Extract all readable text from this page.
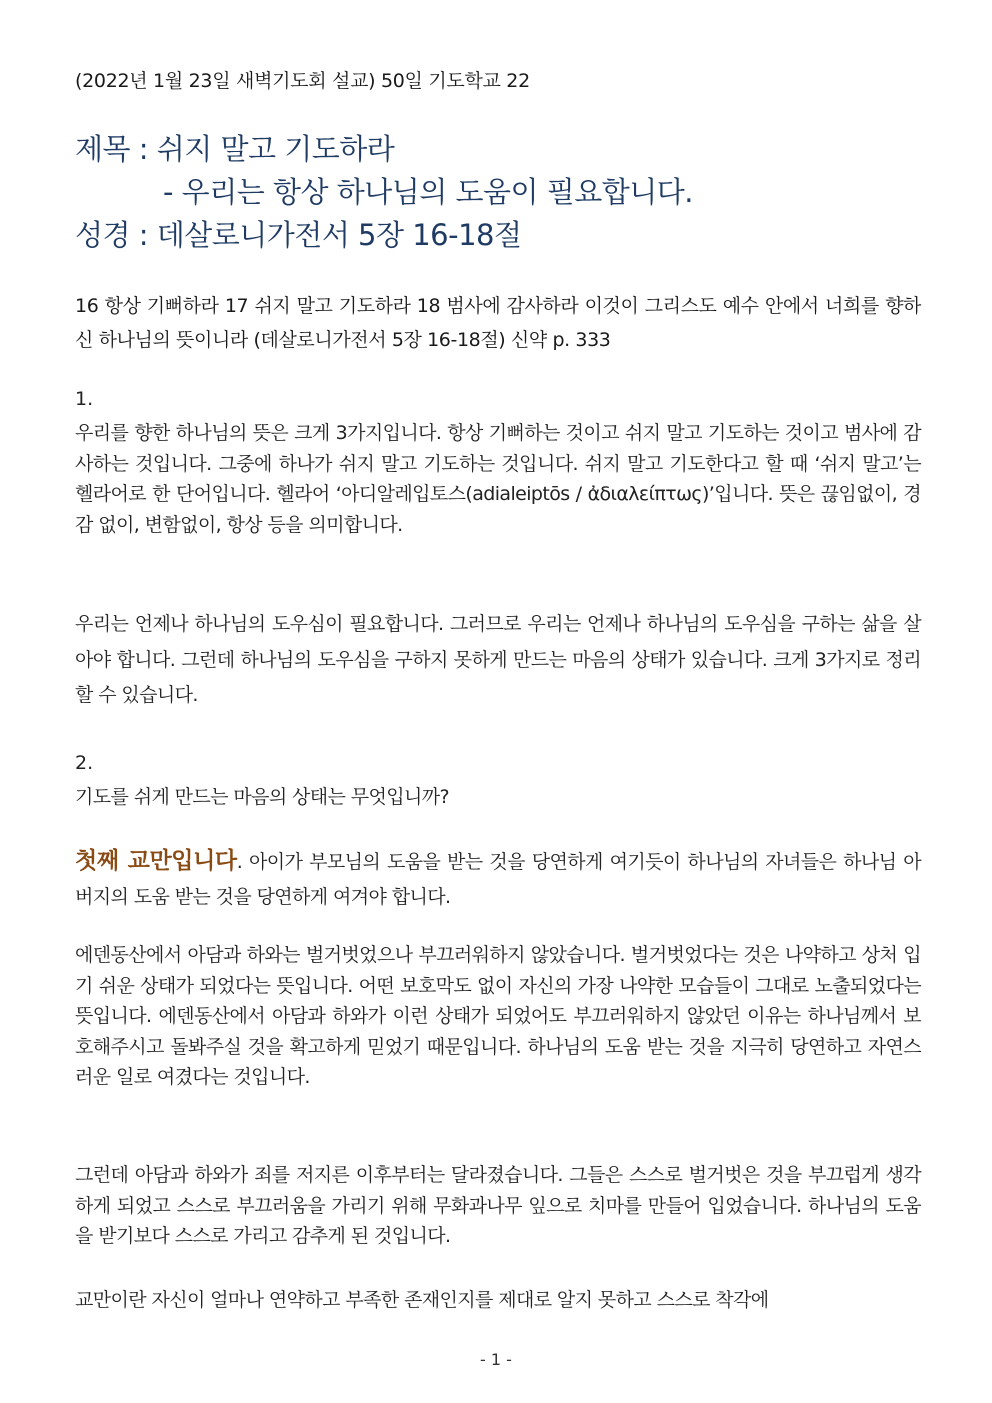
(2022년 1월 23일 새벽기도회 설교) 50일 기도학교 22
제목 : 쉬지 말고 기도하라
- 우리는 항상 하나님의 도움이 필요합니다.
성경 : 데살로니가전서 5장 16-18절
16 항상 기뻐하라 17 쉬지 말고 기도하라 18 범사에 감사하라 이것이 그리스도 예수 안에서 너희를 향하신 하나님의 뜻이니라 (데살로니가전서 5장 16-18절) 신약 p. 333
1.
우리를 향한 하나님의 뜻은 크게 3가지입니다. 항상 기뻐하는 것이고 쉬지 말고 기도하는 것이고 범사에 감사하는 것입니다. 그중에 하나가 쉬지 말고 기도하는 것입니다. 쉬지 말고 기도한다고 할 때 ‘쉬지 말고’는 헬라어로 한 단어입니다. 헬라어 ‘아디알레입토스(adialeiptōs / ἀδιαλείπτως)’입니다. 뜻은 끊임없이, 경감 없이, 변함없이, 항상 등을 의미합니다.
우리는 언제나 하나님의 도우심이 필요합니다. 그러므로 우리는 언제나 하나님의 도우심을 구하는 삶을 살아야 합니다. 그런데 하나님의 도우심을 구하지 못하게 만드는 마음의 상태가 있습니다. 크게 3가지로 정리할 수 있습니다.
2.
기도를 쉬게 만드는 마음의 상태는 무엇입니까?
첫째 교만입니다. 아이가 부모님의 도움을 받는 것을 당연하게 여기듯이 하나님의 자녀들은 하나님 아버지의 도움 받는 것을 당연하게 여겨야 합니다.
에덴동산에서 아담과 하와는 벌거벗었으나 부끄러워하지 않았습니다. 벌거벗었다는 것은 나약하고 상처 입기 쉬운 상태가 되었다는 뜻입니다. 어떤 보호막도 없이 자신의 가장 나약한 모습들이 그대로 노출되었다는 뜻입니다. 에덴동산에서 아담과 하와가 이런 상태가 되었어도 부끄러워하지 않았던 이유는 하나님께서 보호해주시고 돌봐주실 것을 확고하게 믿었기 때문입니다. 하나님의 도움 받는 것을 지극히 당연하고 자연스러운 일로 여겼다는 것입니다.
그런데 아담과 하와가 죄를 저지른 이후부터는 달라졌습니다. 그들은 스스로 벌거벗은 것을 부끄럽게 생각하게 되었고 스스로 부끄러움을 가리기 위해 무화과나무 잎으로 치마를 만들어 입었습니다. 하나님의 도움을 받기보다 스스로 가리고 감추게 된 것입니다.
교만이란 자신이 얼마나 연약하고 부족한 존재인지를 제대로 알지 못하고 스스로 착각에
- 1 -
